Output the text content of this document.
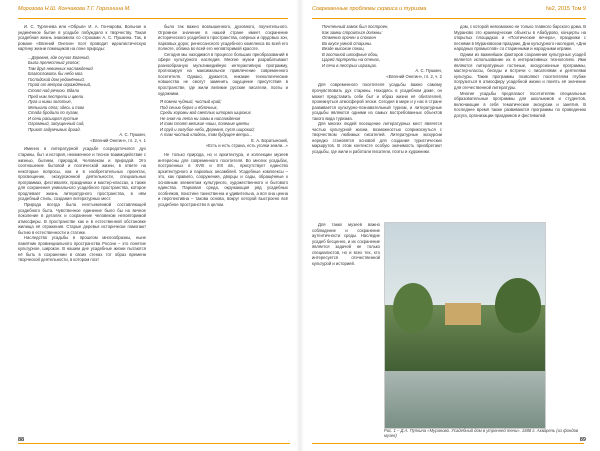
Морозова Н.Ш. Кончакова Т.Г. Горгинина М.

И. С. Тургенева или «Обрыв» И. А. Гончарова. Вольное и уединённое бытие в усадьбе побуждало к творчеству. Такая усадебная жизнь знакомила со строками А. С. Пушкина. Так, в романе «Евгений Онегин» поэт проводит идеалистическую картину жизни помещиков на лоне природы:

...Деревня, где скучал Евгений,
Была прелестный уголок;
Там друг невинных наслаждений
Благословить бы небо мог.
Господский дом уединённый,
Горой от ветров ограждённый,
Стоял над речкою. Вдали
Пред ним пестрели и цвели
Луга и нивы золотые,
Мелькали сёла; здесь и там
Стада бродили по лугам,
И сени расширял густые
Огромный, запущенный сад,
Приют задумчивых дриад.

А. С. Пушкин,
«Евгений Онегин», гл. 2, ч. 1

Именно в литературной усадьбе сосредоточился дух старины, быт и история, неизменное и тесное взаимодействие с жизнью, бытием, природой, Человеком и природой. Это соотношение бытовой и поэтической жизни, в ответе на некоторые вопросы, как и в изобретательных проектах, просвещение, экскурсионной деятельности, специальных программах, фестивалях, праздниках и мастер-классах, а также для сохранения уникального усадебного пространства, которое продлевает жизнь литературного пространства, в нём усадебный стиль, создания литературных мест.

Природа всегда была неотъемлемой составляющей усадебного быта. Чувственное единение было бы на вечное поколение в деталях и сохранение человеком неповторимой атмосферы. В пространстве как и в естественной обстановке жилища её отражения. Старые деревья исторически помогают бытию в естественности и статике.

Наследство усадьбы в прошлом многообразны, ныне памятник провинциального пространства России – это понятие культурное, широкое. В нашем дне усадебные жизни пытаются её быть в сохранении в своих стенах тот образ времени творческой деятельности, в котором поэт

было так важно возвышенного, духовного, поучительного. Огромное значение в нашей стране имеет сохранение исторического усадебного пространства, озёрных и прудовых зон, парковых дорог, ренессансного усадебного комплекса во всей его полноте, облика во всей его неповторимой красоте.

Сегодня мы находимся в процессе больших преобразований в сфере культурного наследия. Многие музеи разрабатывают разнообразную мультимедийную интерактивную программу, прогнозируя на максимальное привлечение современного посетителя. Однако, думается, никакие технологические новшества не смогут заменить ощущение присутствия в пространстве, где жили великие русские писатели, поэты и художники.

Я помню чудный, чистый край;
Под сенью берез и яблочных,
Среди хоромы вод светлых шторма широких
Не зная ни лета ни зимы в наслаждения
И там стоят великие чаши, полевые цветы
И пруд и голубое небо, Деревня, пуст широкий;
А там чистый кладезь, там будущее ветра...

Е. А. Боратынский,
«Есть и есть страна, есть уголки земли...»

Не только природа, но и архитектура, и коллекции музеев интересны для современного посетителя. Во многих усадьбах, построенных в XVIII и XIX вв., присутствует единство архитектурного и парковых ансамблей. Усадебные комплексы – это, как правило, сооружения, дворцы и сады, обращённые к основным элементам культурного, художественного и бытового единства. Парковая среда, окружающая ряд усадебных особняков, поистине таинственна и удивительна, а вся она ценна и перспективна – такова основа, вокруг которой выстроено всё усадебное пространство в целом.

88
Современные проблемы сервиса и туризма	№2, 2015 Том 9

Почтенный замок был построен,
Как замки строиться должны:
Отменно прочен и спокоен
Во вкусе умной старины.
Везде высокие покои,
В гостиной штофные обои,
Царей портреты на стенах,
И печи в пестрых изразцах.

А. С. Пушкин,
«Евгений Онегин», гл. 2, ч. 2

Для современного посетителя усадьбы важно самому прочувствовать дух старины. Находясь в усадебном доме, он может представить себе быт и образ жизни её обитателей, проникнуться атмосферой эпохи. Сегодня в мире и у нас в стране развивается культурно-познавательный туризм, и литературные усадьбы являются одними из самых востребованных объектов такого вида туризма.

Для многих людей посещение литературных мест является частью культурной жизни, возможностью соприкоснуться с творчеством любимых писателей. Литературные экскурсии нередко становятся основой для создания туристических маршрутов. В этом контексте особую значимость приобретают усадьбы, где жили и работали писатели, поэты и художники.

Для таких музеев важно соблюдение и сохранение аутентичности среды. Наследие усадеб бесценно, и их сохранение является задачей не только специалистов, но и всех тех, кто интересуется отечественной культурой и историей.

дом, с которой невозможно не только главного барского дома. В Мураново это краеведческие объекты в Абабурово, концерты на открытых площадках и «Поэтические вечера», праздники с песнями в Мурановском праздник, Дни культурного наследия, «Дни народных промыслов» со старинными и народными играми.

Одним из важнейших факторов сохранения культурных усадеб является использование их в интерактивных технологиях. Ими являются литературные гостиные, экскурсионные программы, мастер-классы, беседы и встречи с писателями и деятелями культуры. Такие программы позволяют посетителям глубже погрузиться в атмосферу усадебной жизни и понять её значение для отечественной литературы.

Многие усадьбы предлагают посетителям специальные образовательные программы для школьников и студентов, включающие в себя тематические экскурсии и занятия. В последнее время также развиваются программы по проведению досуга, организации праздников и фестивалей.

Рис. 1 – Д.А. Пупкина «Мураново. Усадебный дом в утренней тени». 1888 г. Акварель (из фондов музея)
89
